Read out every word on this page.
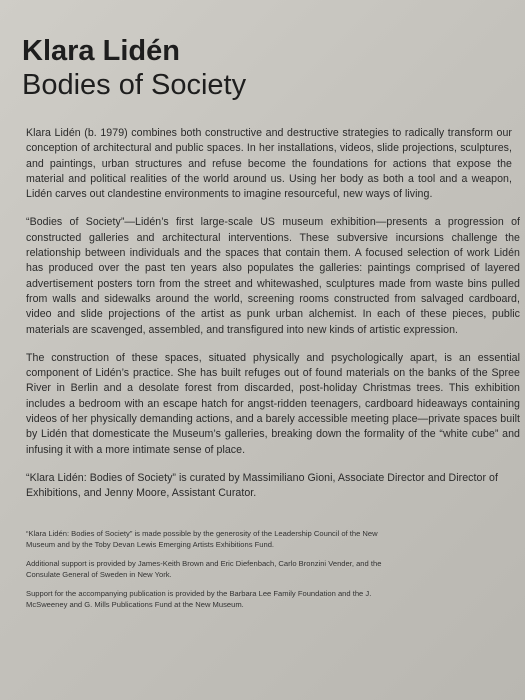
Klara Lidén
Bodies of Society

Klara Lidén (b. 1979) combines both constructive and destructive strategies to radically transform our conception of architectural and public spaces. In her installations, videos, slide projections, sculptures, and paintings, urban structures and refuse become the foundations for actions that expose the material and political realities of the world around us. Using her body as both a tool and a weapon, Lidén carves out clandestine environments to imagine resourceful, new ways of living.

“Bodies of Society”—Lidén’s first large-scale US museum exhibition—presents a progression of constructed galleries and architectural interventions. These subversive incursions challenge the relationship between individuals and the spaces that contain them. A focused selection of work Lidén has produced over the past ten years also populates the galleries: paintings comprised of layered advertisement posters torn from the street and whitewashed, sculptures made from waste bins pulled from walls and sidewalks around the world, screening rooms constructed from salvaged cardboard, video and slide projections of the artist as punk urban alchemist. In each of these pieces, public materials are scavenged, assembled, and transfigured into new kinds of artistic expression.

The construction of these spaces, situated physically and psychologically apart, is an essential component of Lidén’s practice. She has built refuges out of found materials on the banks of the Spree River in Berlin and a desolate forest from discarded, post-holiday Christmas trees. This exhibition includes a bedroom with an escape hatch for angst-ridden teenagers, cardboard hideaways containing videos of her physically demanding actions, and a barely accessible meeting place—private spaces built by Lidén that domesticate the Museum’s galleries, breaking down the formality of the “white cube” and infusing it with a more intimate sense of place.

“Klara Lidén: Bodies of Society” is curated by Massimiliano Gioni, Associate Director and Director of Exhibitions, and Jenny Moore, Assistant Curator.

“Klara Lidén: Bodies of Society” is made possible by the generosity of the Leadership Council of the New Museum and by the Toby Devan Lewis Emerging Artists Exhibitions Fund.

Additional support is provided by James-Keith Brown and Eric Diefenbach, Carlo Bronzini Vender, and the Consulate General of Sweden in New York.

Support for the accompanying publication is provided by the Barbara Lee Family Foundation and the J. McSweeney and G. Mills Publications Fund at the New Museum.
